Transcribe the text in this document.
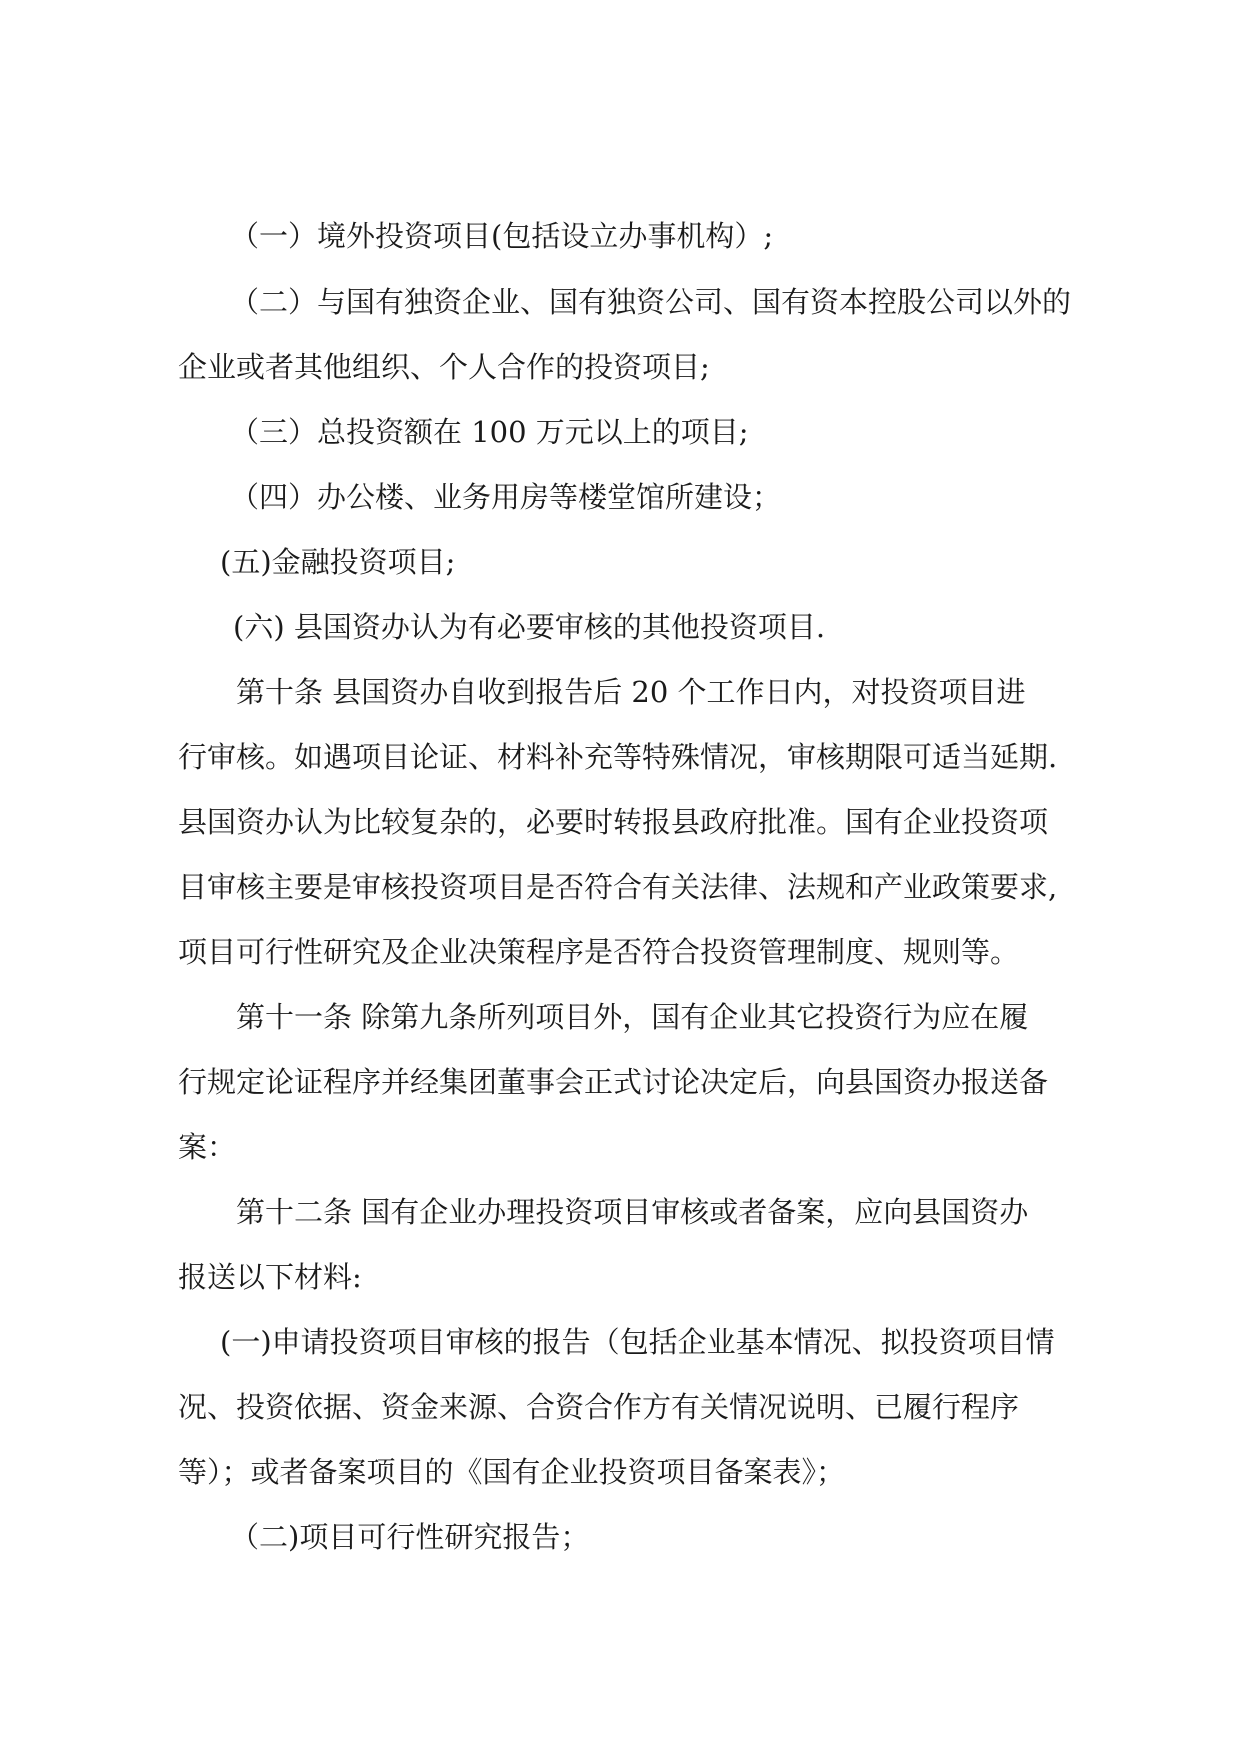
（一）境外投资项目(包括设立办事机构）;

（二）与国有独资企业、国有独资公司、国有资本控股公司以外的

企业或者其他组织、个人合作的投资项目;

（三）总投资额在 100 万元以上的项目;

（四）办公楼、业务用房等楼堂馆所建设；

(五)金融投资项目;

(六) 县国资办认为有必要审核的其他投资项目.

第十条 县国资办自收到报告后 20 个工作日内，对投资项目进

行审核。如遇项目论证、材料补充等特殊情况，审核期限可适当延期.

县国资办认为比较复杂的，必要时转报县政府批准。国有企业投资项

目审核主要是审核投资项目是否符合有关法律、法规和产业政策要求,

项目可行性研究及企业决策程序是否符合投资管理制度、规则等。

第十一条 除第九条所列项目外，国有企业其它投资行为应在履

行规定论证程序并经集团董事会正式讨论决定后，向县国资办报送备

案：

第十二条 国有企业办理投资项目审核或者备案，应向县国资办

报送以下材料:

(一)申请投资项目审核的报告（包括企业基本情况、拟投资项目情

况、投资依据、资金来源、合资合作方有关情况说明、已履行程序

等）；或者备案项目的《国有企业投资项目备案表》；

（二)项目可行性研究报告；
